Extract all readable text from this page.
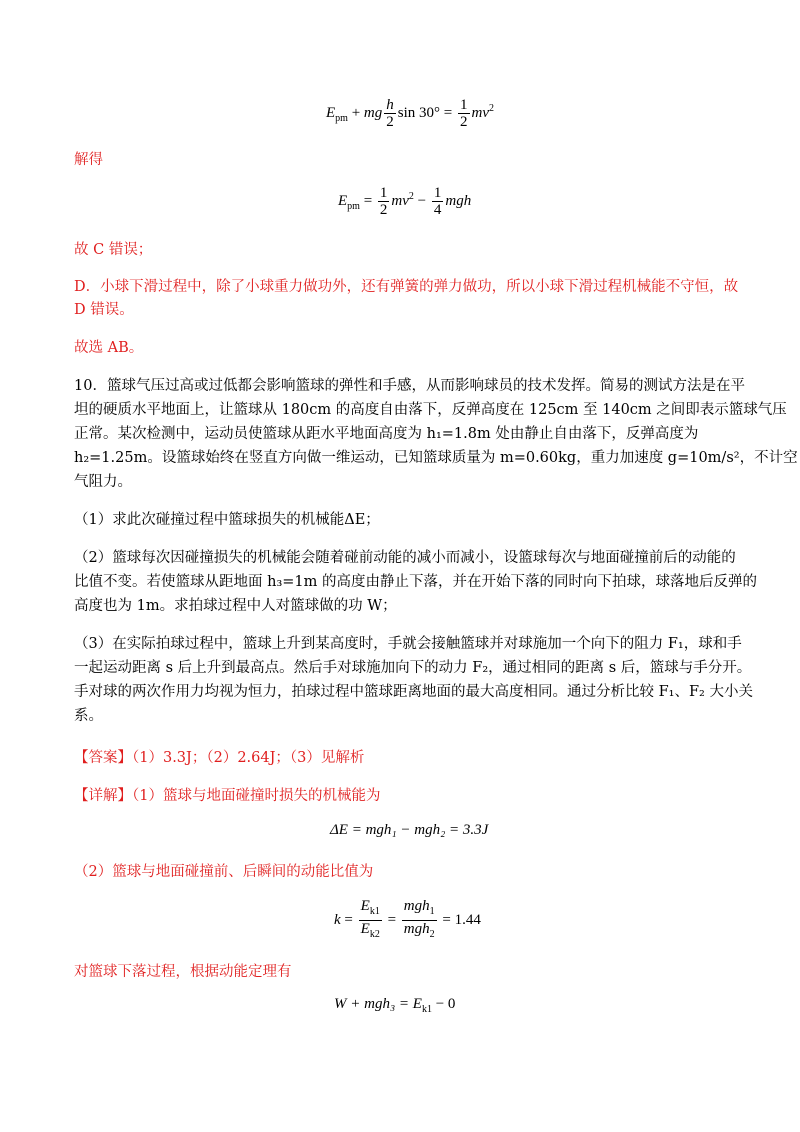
$E_{pm}$ + mg $\frac{h}{2}$ $\sin 30^\circ = \frac{1}{2} mv^2$
解得
$E_{pm} = \frac{1}{2} mv^2 - \frac{1}{4}$ mgh
故 C 错误；
D．小球下滑过程中，除了小球重力做功外，还有弹簧的弹力做功，所以小球下滑过程机械能不守恒，故
D 错误。
故选 AB。
10．篮球气压过高或过低都会影响篮球的弹性和手感，从而影响球员的技术发挥。简易的测试方法是在平
坦的硬质水平地面上，让篮球从 180cm 的高度自由落下，反弹高度在 125cm 至 140cm 之间即表示篮球气压
正常。某次检测中，运动员使篮球从距水平地面高度为 h₁=1.8m 处由静止自由落下，反弹高度为
h₂=1.25m。设篮球始终在竖直方向做一维运动，已知篮球质量为 m=0.60kg，重力加速度 g=10m/s²，不计空
气阻力。
（1）求此次碰撞过程中篮球损失的机械能ΔE；
（2）篮球每次因碰撞损失的机械能会随着碰前动能的减小而减小，设篮球每次与地面碰撞前后的动能的
比值不变。若使篮球从距地面 h₃=1m 的高度由静止下落，并在开始下落的同时向下拍球，球落地后反弹的
高度也为 1m。求拍球过程中人对篮球做的功 W；
（3）在实际拍球过程中，篮球上升到某高度时，手就会接触篮球并对球施加一个向下的阻力 F₁，球和手
一起运动距离 s 后上升到最高点。然后手对球施加向下的动力 F₂，通过相同的距离 s 后，篮球与手分开。
手对球的两次作用力均视为恒力，拍球过程中篮球距离地面的最大高度相同。通过分析比较 F₁、F₂ 大小关
系。
【答案】（1）3.3J；（2）2.64J；（3）见解析
【详解】（1）篮球与地面碰撞时损失的机械能为
ΔE = mgh₁ − mgh₂ = 3.3J
（2）篮球与地面碰撞前、后瞬间的动能比值为
$k = \frac{E_{k1}}{E_{k2}} = \frac{mgh_1}{mgh_2} = 1.44$
对篮球下落过程，根据动能定理有
$W + mgh_3 = E_{k1} - 0$
